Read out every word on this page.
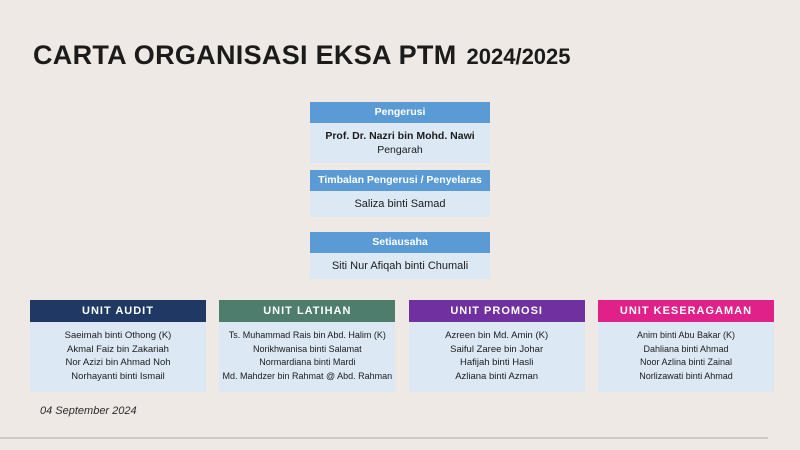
CARTA ORGANISASI EKSA PTM 2024/2025
Pengerusi
Prof. Dr. Nazri bin Mohd. Nawi
Pengarah
Timbalan Pengerusi / Penyelaras
Saliza binti Samad
Setiausaha
Siti Nur Afiqah binti Chumali
UNIT AUDIT
Saeimah binti Othong (K)
Akmal Faiz bin Zakariah
Nor Azizi bin Ahmad Noh
Norhayanti binti Ismail
UNIT LATIHAN
Ts. Muhammad Rais bin Abd. Halim (K)
Norikhwanisa binti Salamat
Normardiana binti Mardi
Md. Mahdzer bin Rahmat @ Abd. Rahman
UNIT PROMOSI
Azreen bin Md. Amin (K)
Saiful Zaree bin Johar
Hafijah binti Hasli
Azliana binti Azman
UNIT KESERAGAMAN
Anim binti Abu Bakar (K)
Dahliana binti Ahmad
Noor Azlina binti Zainal
Norlizawati binti Ahmad
04 September 2024
